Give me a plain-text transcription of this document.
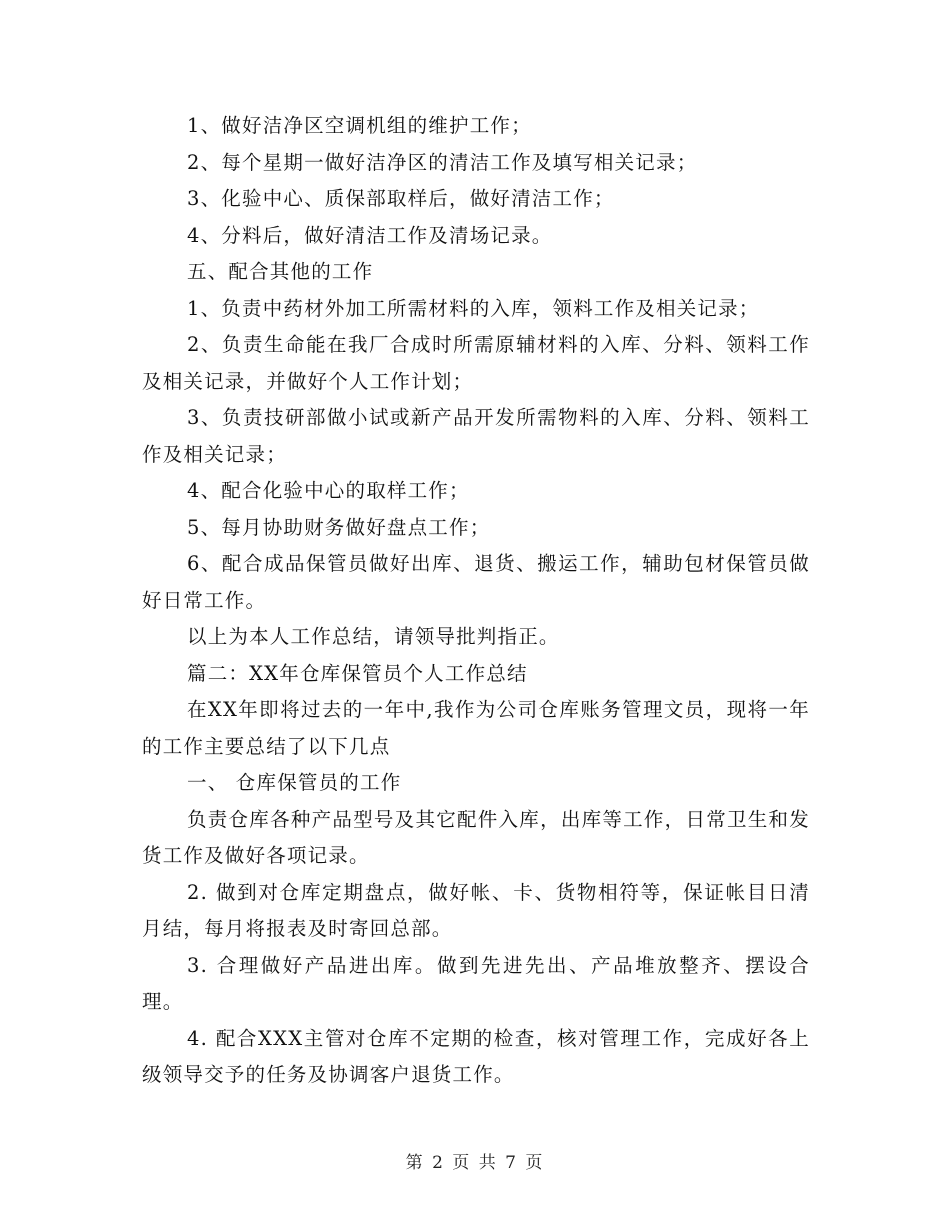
1、做好洁净区空调机组的维护工作；

2、每个星期一做好洁净区的清洁工作及填写相关记录；

3、化验中心、质保部取样后，做好清洁工作；

4、分料后，做好清洁工作及清场记录。

五、配合其他的工作

1、负责中药材外加工所需材料的入库，领料工作及相关记录；

2、负责生命能在我厂合成时所需原辅材料的入库、分料、领料工作及相关记录，并做好个人工作计划；

3、负责技研部做小试或新产品开发所需物料的入库、分料、领料工作及相关记录；

4、配合化验中心的取样工作；

5、每月协助财务做好盘点工作；

6、配合成品保管员做好出库、退货、搬运工作，辅助包材保管员做好日常工作。

以上为本人工作总结，请领导批判指正。

篇二：XX年仓库保管员个人工作总结

在XX年即将过去的一年中,我作为公司仓库账务管理文员，现将一年的工作主要总结了以下几点

一、 仓库保管员的工作

负责仓库各种产品型号及其它配件入库，出库等工作，日常卫生和发货工作及做好各项记录。

2. 做到对仓库定期盘点，做好帐、卡、货物相符等，保证帐目日清月结，每月将报表及时寄回总部。

3. 合理做好产品进出库。做到先进先出、产品堆放整齐、摆设合理。

4. 配合XXX主管对仓库不定期的检查，核对管理工作，完成好各上级领导交予的任务及协调客户退货工作。

第 2 页 共 7 页
